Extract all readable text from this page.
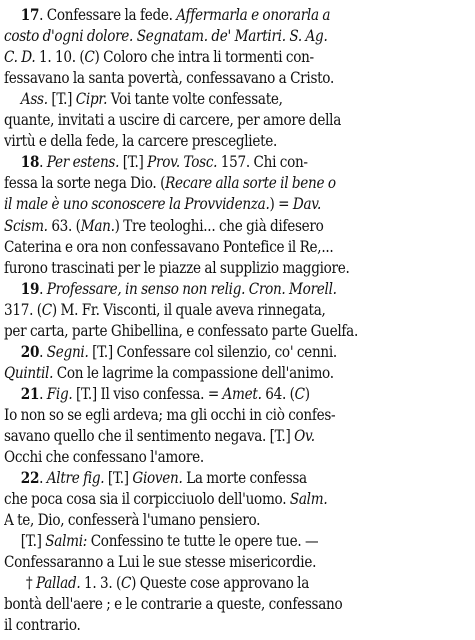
17. Confessare la fede. Affermarla e onorarla a
costo d'ogni dolore. Segnatam. de' Martiri. S. Ag.
C. D. 1. 10. (C) Coloro che intra li tormenti con-
fessavano la santa povertà, confessavano a Cristo.
Ass. [T.] Cipr. Voi tante volte confessate,
quante, invitati a uscire di carcere, per amore della
virtù e della fede, la carcere prescegliete.
18. Per estens. [T.] Prov. Tosc. 157. Chi con-
fessa la sorte nega Dio. (Recare alla sorte il bene o
il male è uno sconoscere la Provvidenza.) = Dav.
Scism. 63. (Man.) Tre teologhi... che già difesero
Caterina e ora non confessavano Pontefice il Re,...
furono trascinati per le piazze al supplizio maggiore.
19. Professare, in senso non relig. Cron. Morell.
317. (C) M. Fr. Visconti, il quale aveva rinnegata,
per carta, parte Ghibellina, e confessato parte Guelfa.
20. Segni. [T.] Confessare col silenzio, co' cenni.
Quintil. Con le lagrime la compassione dell'animo.
21. Fig. [T.] Il viso confessa. = Amet. 64. (C)
Io non so se egli ardeva; ma gli occhi in ciò confes-
savano quello che il sentimento negava. [T.] Ov.
Occhi che confessano l'amore.
22. Altre fig. [T.] Gioven. La morte confessa
che poca cosa sia il corpicciuolo dell'uomo. Salm.
A te, Dio, confesserà l'umano pensiero.
[T.] Salmi: Confessino te tutte le opere tue. —
Confessaranno a Lui le sue stesse misericordie.
† Pallad. 1. 3. (C) Queste cose approvano la
bontà dell'aere ; e le contrarie a queste, confessano
il contrario.
